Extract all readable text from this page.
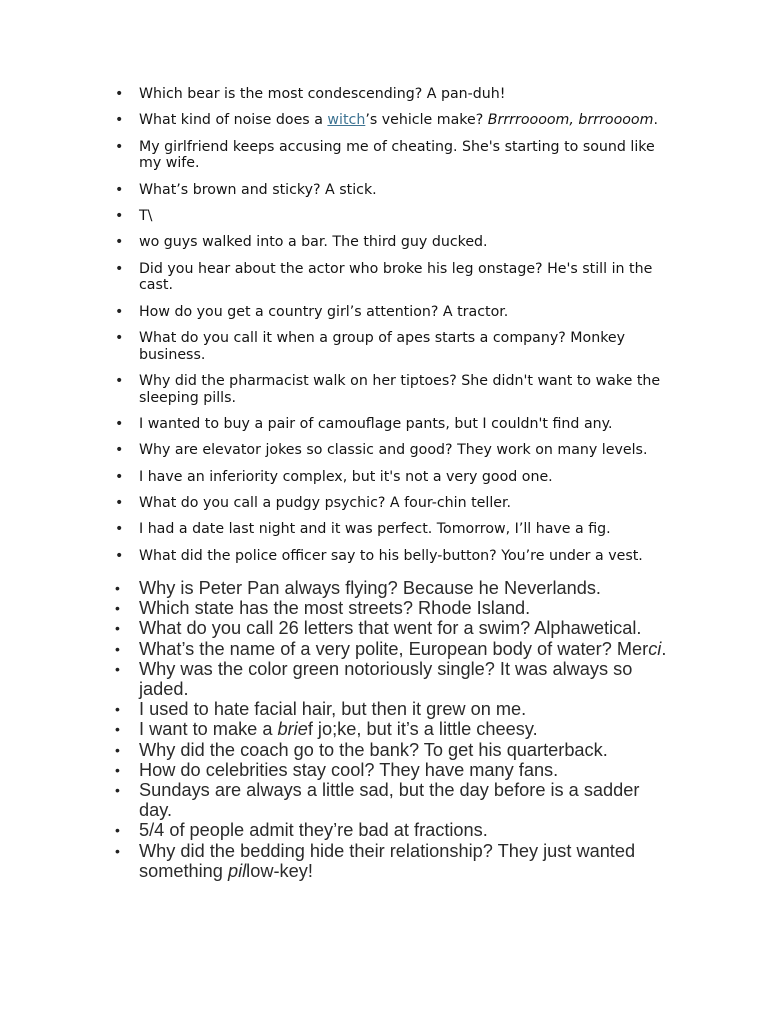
• Which bear is the most condescending? A pan-duh!
• What kind of noise does a witch’s vehicle make? Brrrroooom, brrroooom.
• My girlfriend keeps accusing me of cheating. She's starting to sound like my wife.
• What’s brown and sticky? A stick.
• T\
• wo guys walked into a bar. The third guy ducked.
• Did you hear about the actor who broke his leg onstage? He's still in the cast.
• How do you get a country girl’s attention? A tractor.
• What do you call it when a group of apes starts a company? Monkey business.
• Why did the pharmacist walk on her tiptoes? She didn't want to wake the sleeping pills.
• I wanted to buy a pair of camouflage pants, but I couldn't find any.
• Why are elevator jokes so classic and good? They work on many levels.
• I have an inferiority complex, but it's not a very good one.
• What do you call a pudgy psychic? A four-chin teller.
• I had a date last night and it was perfect. Tomorrow, I’ll have a fig.
• What did the police officer say to his belly-button? You’re under a vest.
• Why is Peter Pan always flying? Because he Neverlands.
• Which state has the most streets? Rhode Island.
• What do you call 26 letters that went for a swim? Alphawetical.
• What’s the name of a very polite, European body of water? Merci.
• Why was the color green notoriously single? It was always so jaded.
• I used to hate facial hair, but then it grew on me.
• I want to make a brief jo;ke, but it’s a little cheesy.
• Why did the coach go to the bank? To get his quarterback.
• How do celebrities stay cool? They have many fans.
• Sundays are always a little sad, but the day before is a sadder day.
• 5/4 of people admit they’re bad at fractions.
• Why did the bedding hide their relationship? They just wanted something pillow-key!
